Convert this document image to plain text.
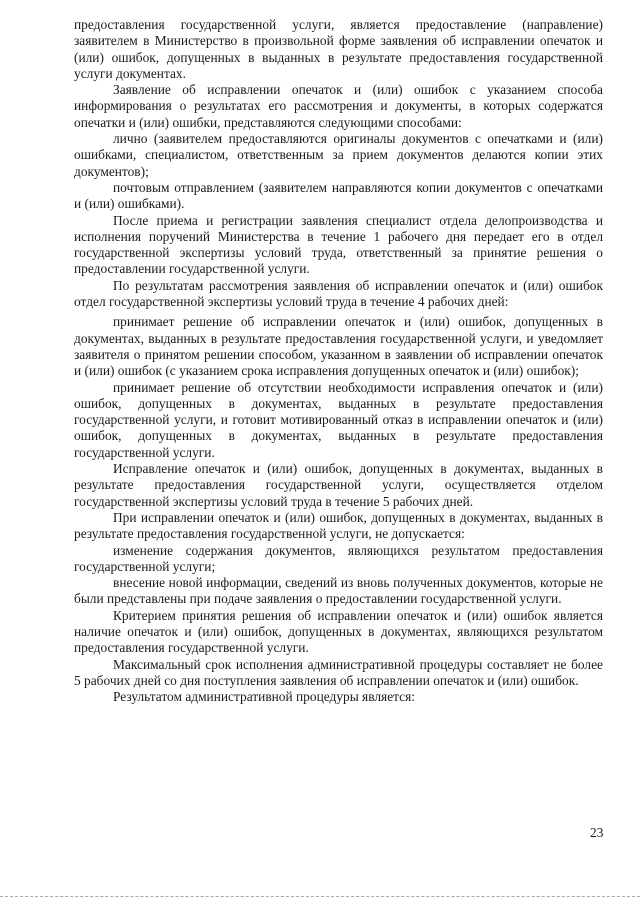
предоставления государственной услуги, является предоставление (направление) заявителем в Министерство в произвольной форме заявления об исправлении опечаток и (или) ошибок, допущенных в выданных в результате предоставления государственной услуги документах.

Заявление об исправлении опечаток и (или) ошибок с указанием способа информирования о результатах его рассмотрения и документы, в которых содержатся опечатки и (или) ошибки, представляются следующими способами:

лично (заявителем предоставляются оригиналы документов с опечатками и (или) ошибками, специалистом, ответственным за прием документов делаются копии этих документов);

почтовым отправлением (заявителем направляются копии документов с опечатками и (или) ошибками).

После приема и регистрации заявления специалист отдела делопроизводства и исполнения поручений Министерства в течение 1 рабочего дня передает его в отдел государственной экспертизы условий труда, ответственный за принятие решения о предоставлении государственной услуги.

По результатам рассмотрения заявления об исправлении опечаток и (или) ошибок отдел государственной экспертизы условий труда в течение 4 рабочих дней:

принимает решение об исправлении опечаток и (или) ошибок, допущенных в документах, выданных в результате предоставления государственной услуги, и уведомляет заявителя о принятом решении способом, указанном в заявлении об исправлении опечаток и (или) ошибок (с указанием срока исправления допущенных опечаток и (или) ошибок);

принимает решение об отсутствии необходимости исправления опечаток и (или) ошибок, допущенных в документах, выданных в результате предоставления государственной услуги, и готовит мотивированный отказ в исправлении опечаток и (или) ошибок, допущенных в документах, выданных в результате предоставления государственной услуги.

Исправление опечаток и (или) ошибок, допущенных в документах, выданных в результате предоставления государственной услуги, осуществляется отделом государственной экспертизы условий труда в течение 5 рабочих дней.

При исправлении опечаток и (или) ошибок, допущенных в документах, выданных в результате предоставления государственной услуги, не допускается:

изменение содержания документов, являющихся результатом предоставления государственной услуги;

внесение новой информации, сведений из вновь полученных документов, которые не были представлены при подаче заявления о предоставлении государственной услуги.

Критерием принятия решения об исправлении опечаток и (или) ошибок является наличие опечаток и (или) ошибок, допущенных в документах, являющихся результатом предоставления государственной услуги.

Максимальный срок исполнения административной процедуры составляет не более 5 рабочих дней со дня поступления заявления об исправлении опечаток и (или) ошибок.

Результатом административной процедуры является:

23
